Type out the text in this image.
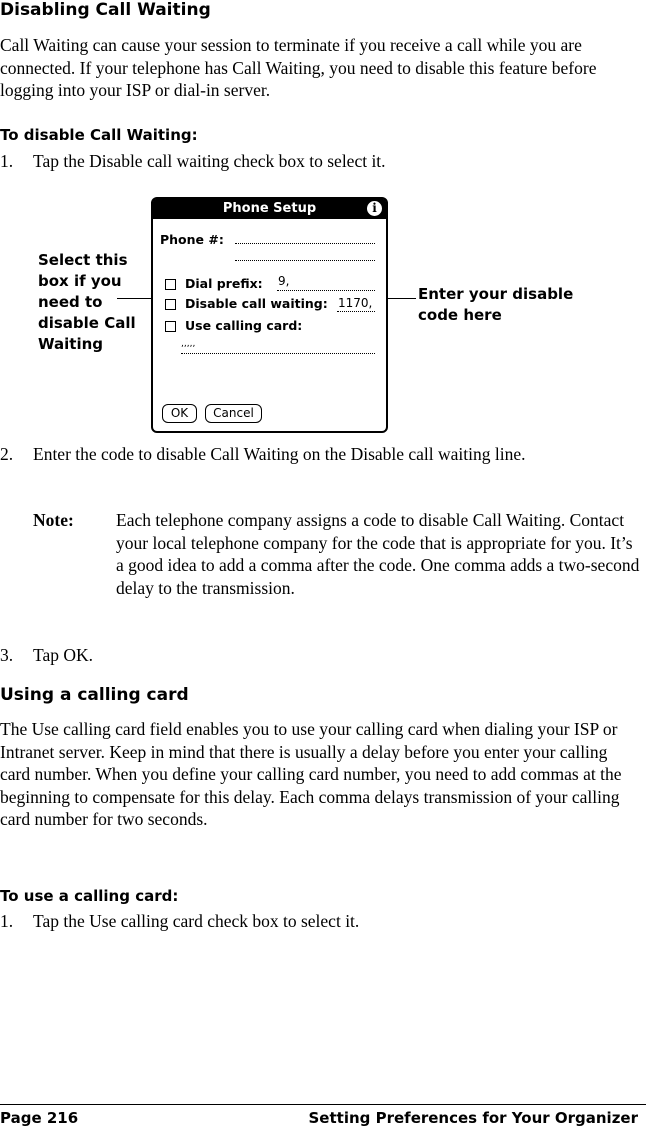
Disabling Call Waiting

Call Waiting can cause your session to terminate if you receive a call while you are connected. If your telephone has Call Waiting, you need to disable this feature before logging into your ISP or dial-in server.

To disable Call Waiting:
1. Tap the Disable call waiting check box to select it.
Select this box if you need to disable Call Waiting
Enter your disable code here
Phone Setup	i
Phone #:
Dial prefix: 9,
Disable call waiting: 1170,
Use calling card:
,,,,,
OK	Cancel
2. Enter the code to disable Call Waiting on the Disable call waiting line.
Note: Each telephone company assigns a code to disable Call Waiting. Contact your local telephone company for the code that is appropriate for you. It’s a good idea to add a comma after the code. One comma adds a two-second delay to the transmission.
3. Tap OK.
Using a calling card

The Use calling card field enables you to use your calling card when dialing your ISP or Intranet server. Keep in mind that there is usually a delay before you enter your calling card number. When you define your calling card number, you need to add commas at the beginning to compensate for this delay. Each comma delays transmission of your calling card number for two seconds.

To use a calling card:
1. Tap the Use calling card check box to select it.
Page 216	Setting Preferences for Your Organizer
